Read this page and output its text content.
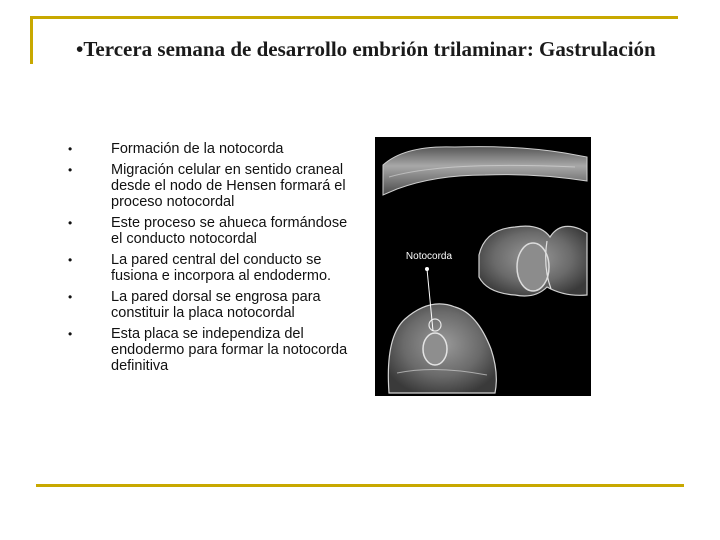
•Tercera semana de desarrollo embrión trilaminar: Gastrulación
•	Formación de la notocorda
•	Migración celular en sentido craneal desde el nodo de Hensen formará el proceso notocordal
•	Este proceso se ahueca formándose el conducto notocordal
•	La pared central del conducto se fusiona e incorpora al endodermo.
•	La pared dorsal se engrosa para constituir la placa notocordal
•	Esta placa se independiza del endodermo para formar la notocorda definitiva
Notocorda
